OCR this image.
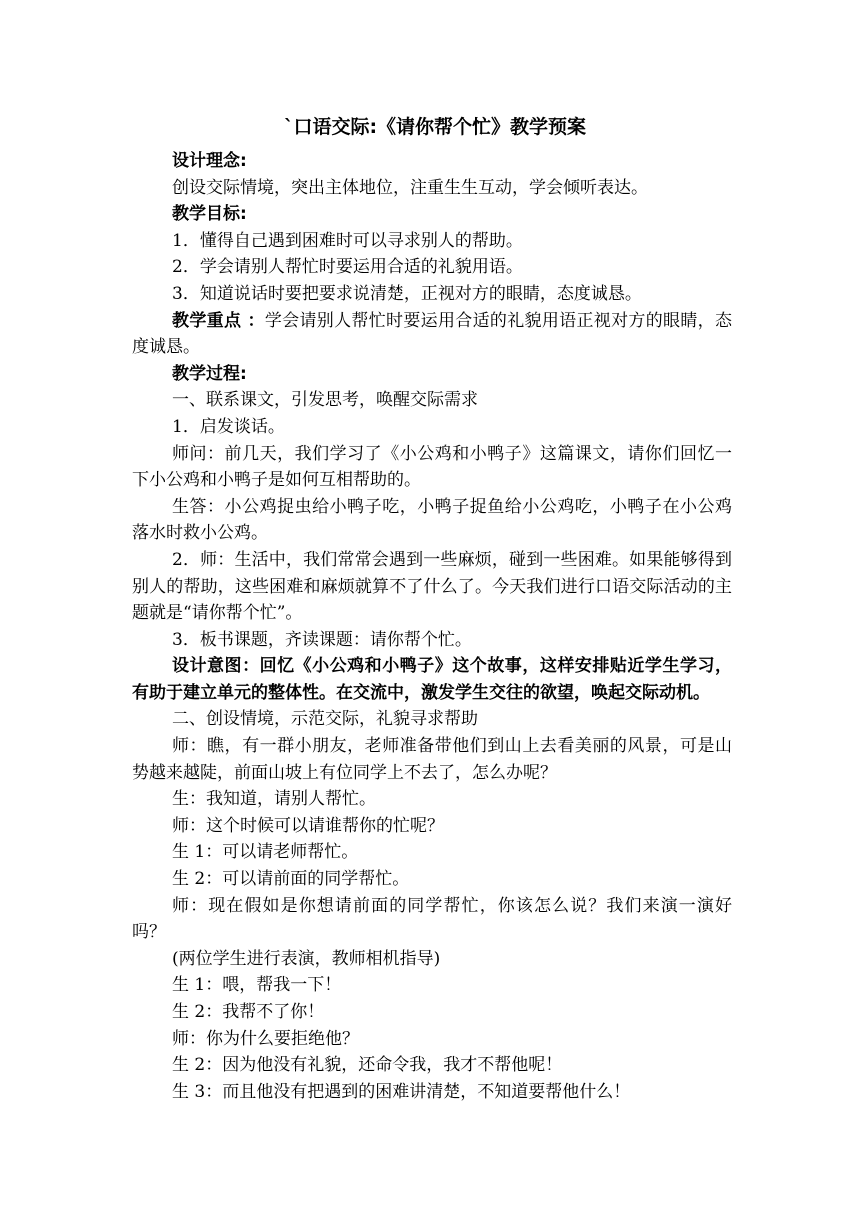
`口语交际:《请你帮个忙》教学预案

设计理念:

创设交际情境，突出主体地位，注重生生互动，学会倾听表达。

教学目标:

1．懂得自己遇到困难时可以寻求别人的帮助。

2．学会请别人帮忙时要运用合适的礼貌用语。

3．知道说话时要把要求说清楚，正视对方的眼睛，态度诚恳。

教学重点 ：学会请别人帮忙时要运用合适的礼貌用语正视对方的眼睛，态度诚恳。

教学过程:

一、联系课文，引发思考，唤醒交际需求

1．启发谈话。

师问：前几天，我们学习了《小公鸡和小鸭子》这篇课文，请你们回忆一下小公鸡和小鸭子是如何互相帮助的。

生答：小公鸡捉虫给小鸭子吃，小鸭子捉鱼给小公鸡吃，小鸭子在小公鸡落水时救小公鸡。

2．师：生活中，我们常常会遇到一些麻烦，碰到一些困难。如果能够得到别人的帮助，这些困难和麻烦就算不了什么了。今天我们进行口语交际活动的主题就是“请你帮个忙”。

3．板书课题，齐读课题：请你帮个忙。

设计意图：回忆《小公鸡和小鸭子》这个故事，这样安排贴近学生学习，有助于建立单元的整体性。在交流中，激发学生交往的欲望，唤起交际动机。

二、创设情境，示范交际，礼貌寻求帮助

师：瞧，有一群小朋友，老师准备带他们到山上去看美丽的风景，可是山势越来越陡，前面山坡上有位同学上不去了，怎么办呢？

生：我知道，请别人帮忙。

师：这个时候可以请谁帮你的忙呢？

生 1：可以请老师帮忙。

生 2：可以请前面的同学帮忙。

师：现在假如是你想请前面的同学帮忙，你该怎么说？我们来演一演好吗？

(两位学生进行表演，教师相机指导)

生 1：喂，帮我一下！

生 2：我帮不了你！

师：你为什么要拒绝他？

生 2：因为他没有礼貌，还命令我，我才不帮他呢！

生 3：而且他没有把遇到的困难讲清楚，不知道要帮他什么！
